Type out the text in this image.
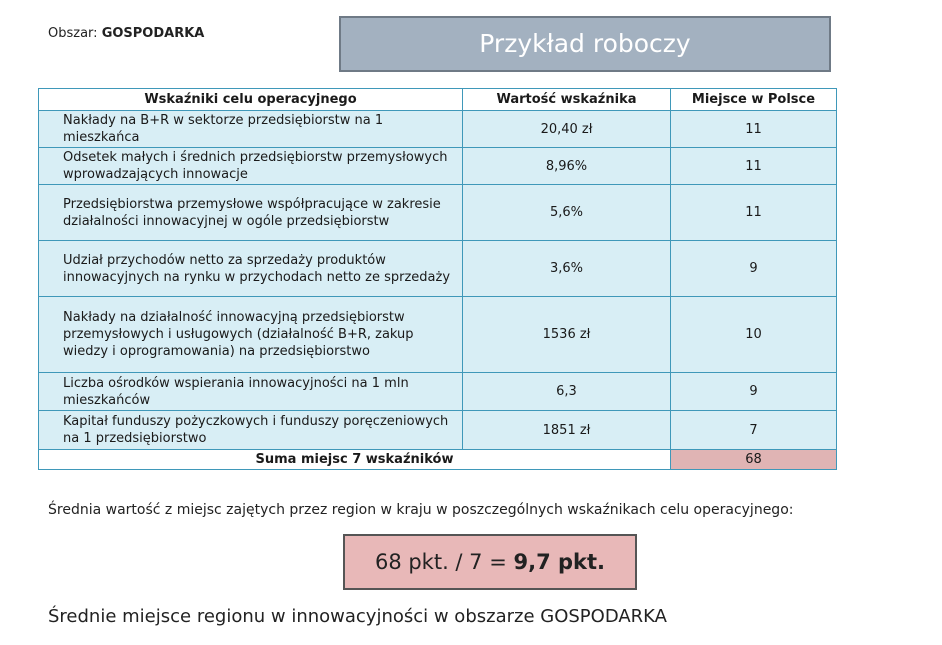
Obszar: GOSPODARKA	Przykład roboczy
Wskaźniki celu operacyjnego	Wartość wskaźnika	Miejsce w Polsce
Nakłady na B+R w sektorze przedsiębiorstw na 1 mieszkańca	20,40 zł	11
Odsetek małych i średnich przedsiębiorstw przemysłowych wprowadzających innowacje	8,96%	11
Przedsiębiorstwa przemysłowe współpracujące w zakresie działalności innowacyjnej w ogóle przedsiębiorstw	5,6%	11
Udział przychodów netto za sprzedaży produktów innowacyjnych na rynku w przychodach netto ze sprzedaży	3,6%	9
Nakłady na działalność innowacyjną przedsiębiorstw przemysłowych i usługowych (działalność B+R, zakup wiedzy i oprogramowania) na przedsiębiorstwo	1536 zł	10
Liczba ośrodków wspierania innowacyjności na 1 mln mieszkańców	6,3	9
Kapitał funduszy pożyczkowych i funduszy poręczeniowych na 1 przedsiębiorstwo	1851 zł	7
Suma miejsc 7 wskaźników		68
Średnia wartość z miejsc zajętych przez region w kraju w poszczególnych wskaźnikach celu operacyjnego:
68 pkt. / 7 = 9,7 pkt.
Średnie miejsce regionu w innowacyjności w obszarze GOSPODARKA
